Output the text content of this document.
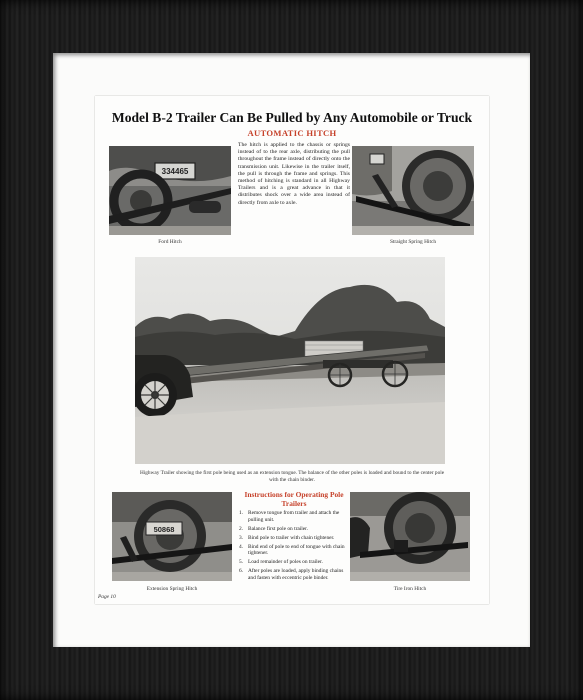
Model B-2 Trailer Can Be Pulled by Any Automobile or Truck
AUTOMATIC HITCH
The hitch is applied to the chassis or springs instead of to the rear axle, distributing the pull throughout the frame instead of directly onto the transmission unit. Likewise in the trailer itself, the pull is through the frame and springs. This method of hitching is standard in all Highway Trailers and is a great advance in that it distributes shock over a wide area instead of directly from axle to axle.
334465
Ford Hitch	Straight Spring Hitch
Highway Trailer showing the first pole being used as an extension tongue. The balance of the other poles is loaded and bound to the center pole with the chain binder.
50868
Extension Spring Hitch
Instructions for Operating Pole Trailers
1. Remove tongue from trailer and attach the pulling unit.
2. Balance first pole on trailer.
3. Bind pole to trailer with chain tightener.
4. Bind end of pole to end of tongue with chain tightener.
5. Load remainder of poles on trailer.
6. After poles are loaded, apply binding chains and fasten with eccentric pole binder.
Tire Iron Hitch
Page 10
